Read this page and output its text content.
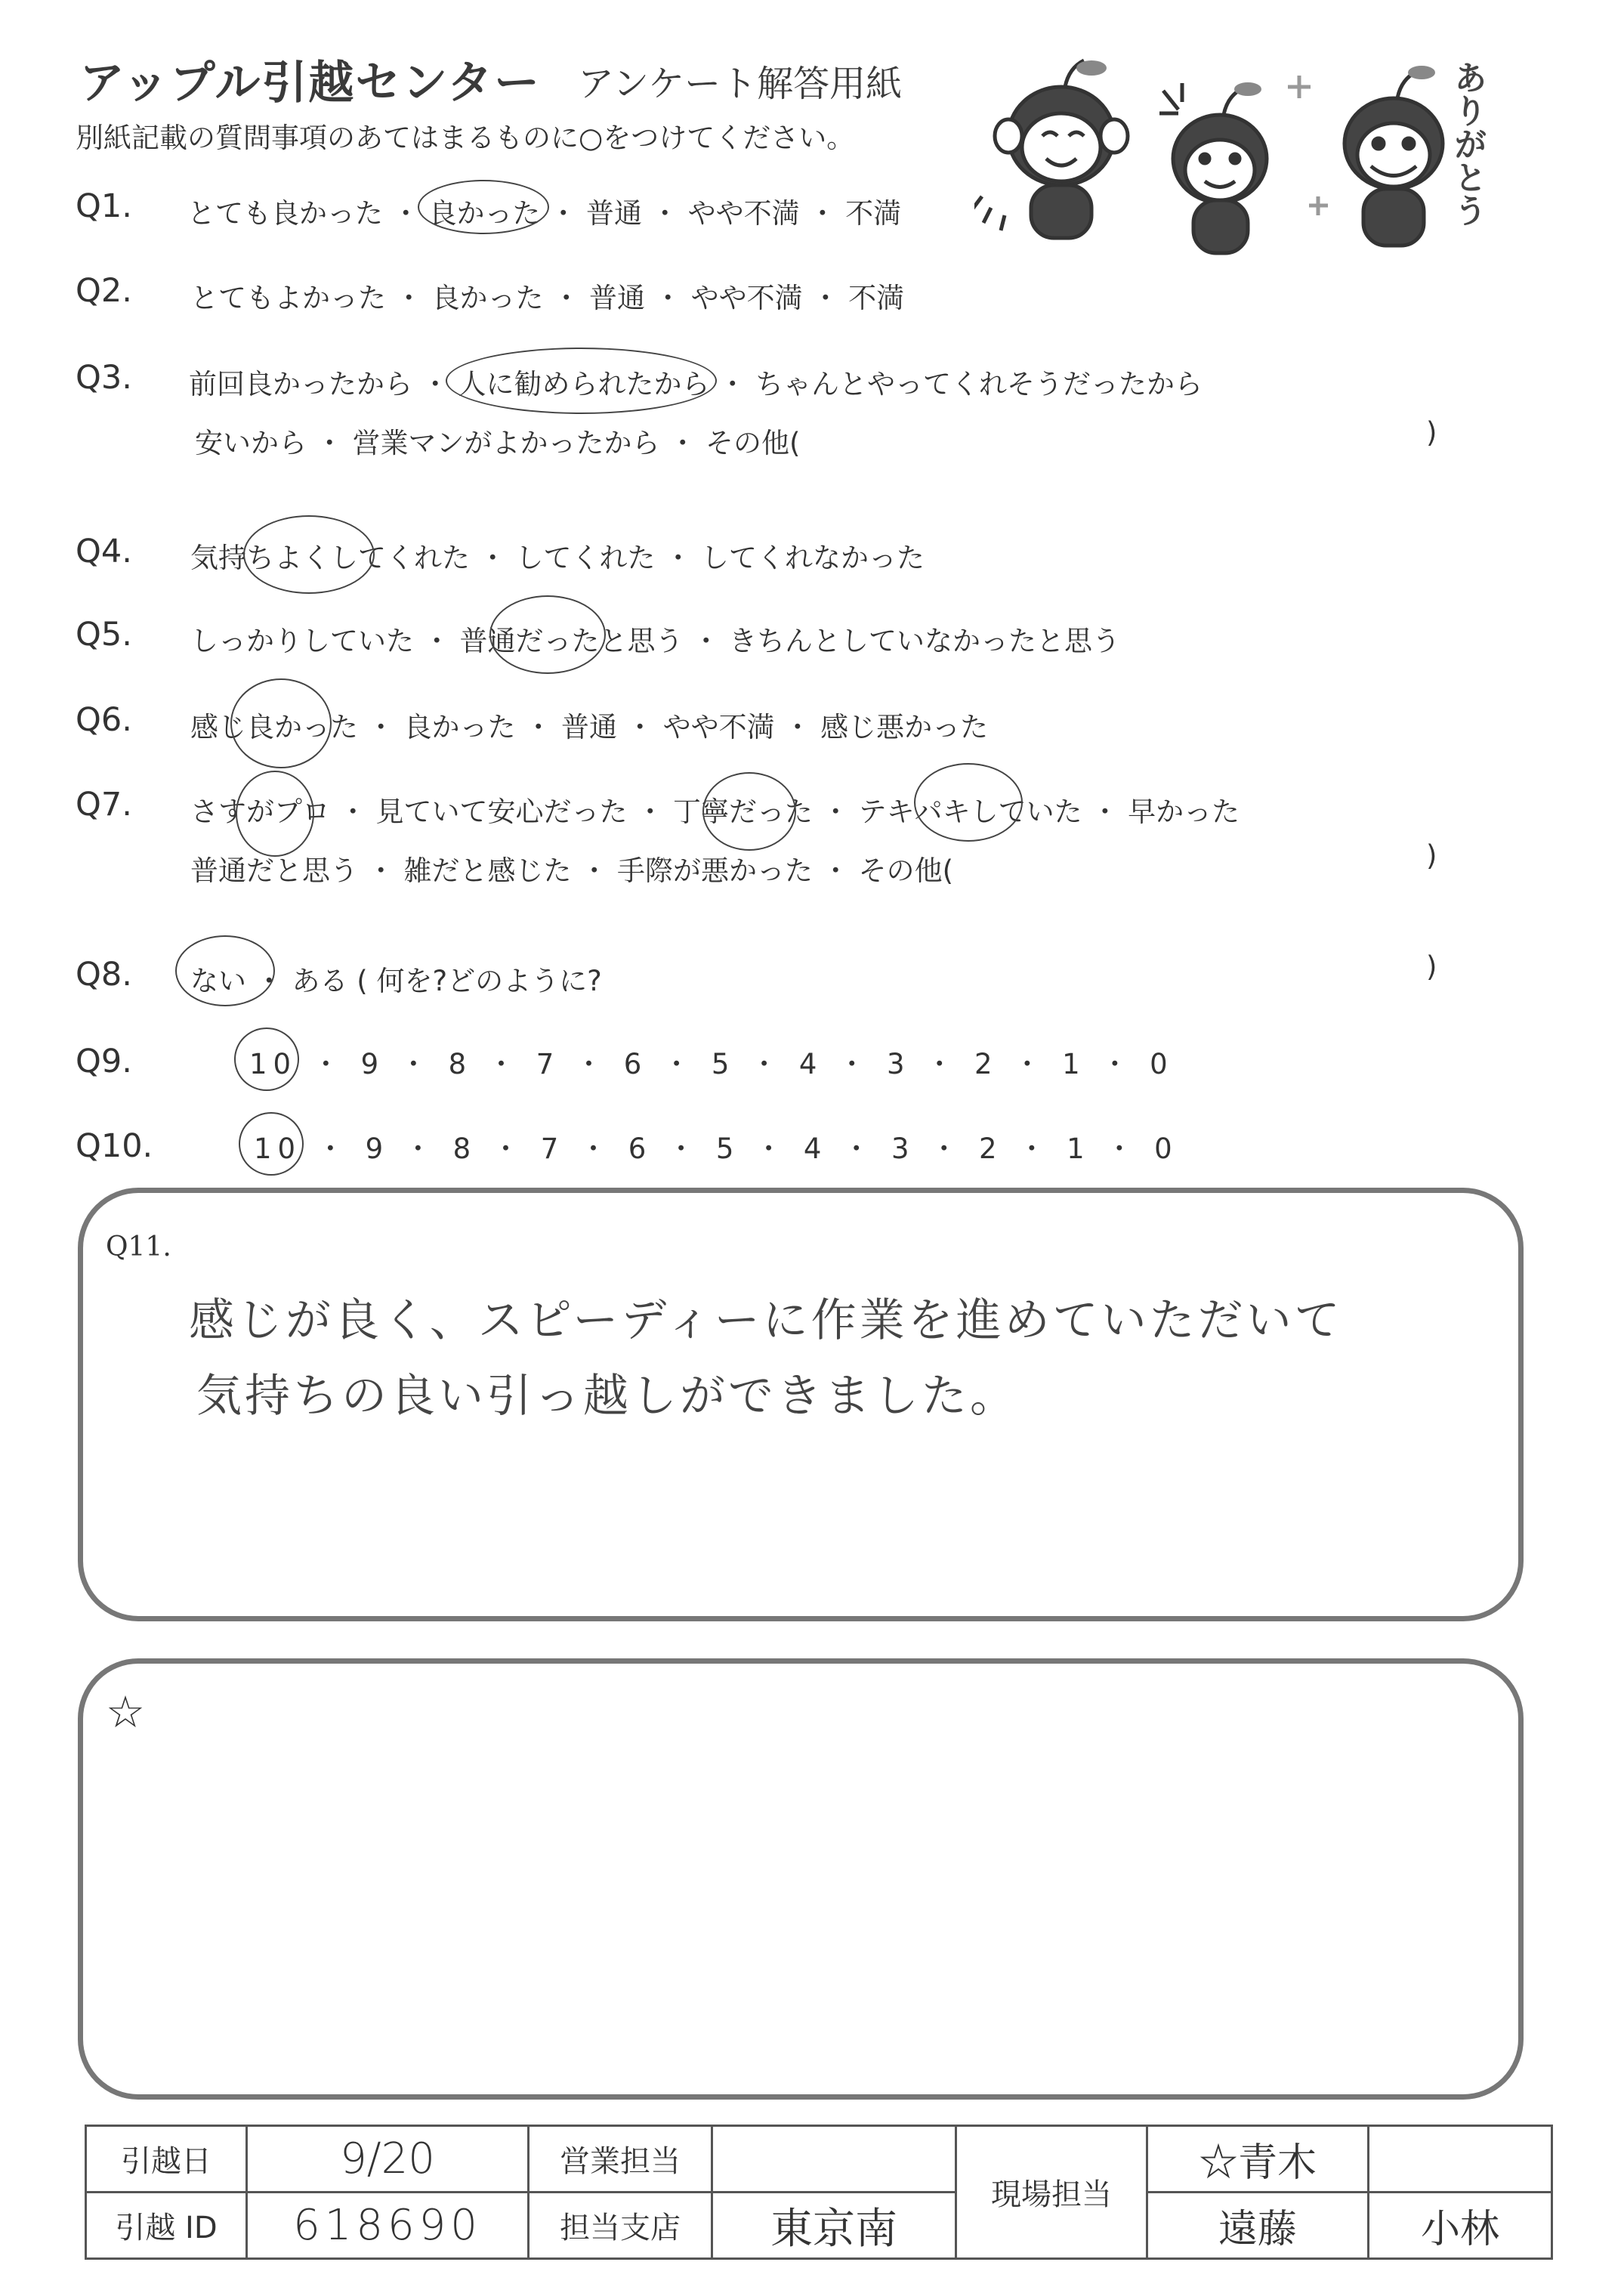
アップル引越センター アンケート解答用紙
別紙記載の質問事項のあてはまるものに○をつけてください。	ありがとう
Q1. とても良かった ・ 良かった ・ 普通 ・ やや不満 ・ 不満
Q2. とてもよかった ・ 良かった ・ 普通 ・ やや不満 ・ 不満
Q3. 前回良かったから ・ 人に勧められたから ・ ちゃんとやってくれそうだったから
安いから ・ 営業マンがよかったから ・ その他(	)
Q4. 気持ちよくしてくれた ・ してくれた ・ してくれなかった
Q5. しっかりしていた ・ 普通だったと思う ・ きちんとしていなかったと思う
Q6. 感じ良かった ・ 良かった ・ 普通 ・ やや不満 ・ 感じ悪かった
Q7. さすがプロ ・ 見ていて安心だった ・ 丁寧だった ・ テキパキしていた ・ 早かった
普通だと思う ・ 雑だと感じた ・ 手際が悪かった ・ その他(	)
Q8. ない ・ ある ( 何を?どのように?	)
Q9.	10 ・ 9 ・ 8 ・ 7 ・ 6 ・ 5 ・ 4 ・ 3 ・ 2 ・ 1 ・ 0
Q10.	10 ・ 9 ・ 8 ・ 7 ・ 6 ・ 5 ・ 4 ・ 3 ・ 2 ・ 1 ・ 0
Q11.
感じが良く、スピーディーに作業を進めていただいて
気持ちの良い引っ越しができました。
☆
引越日	9/20	営業担当		現場担当	☆青木	
引越 ID	618690	担当支店	東京南		遠藤	小林
